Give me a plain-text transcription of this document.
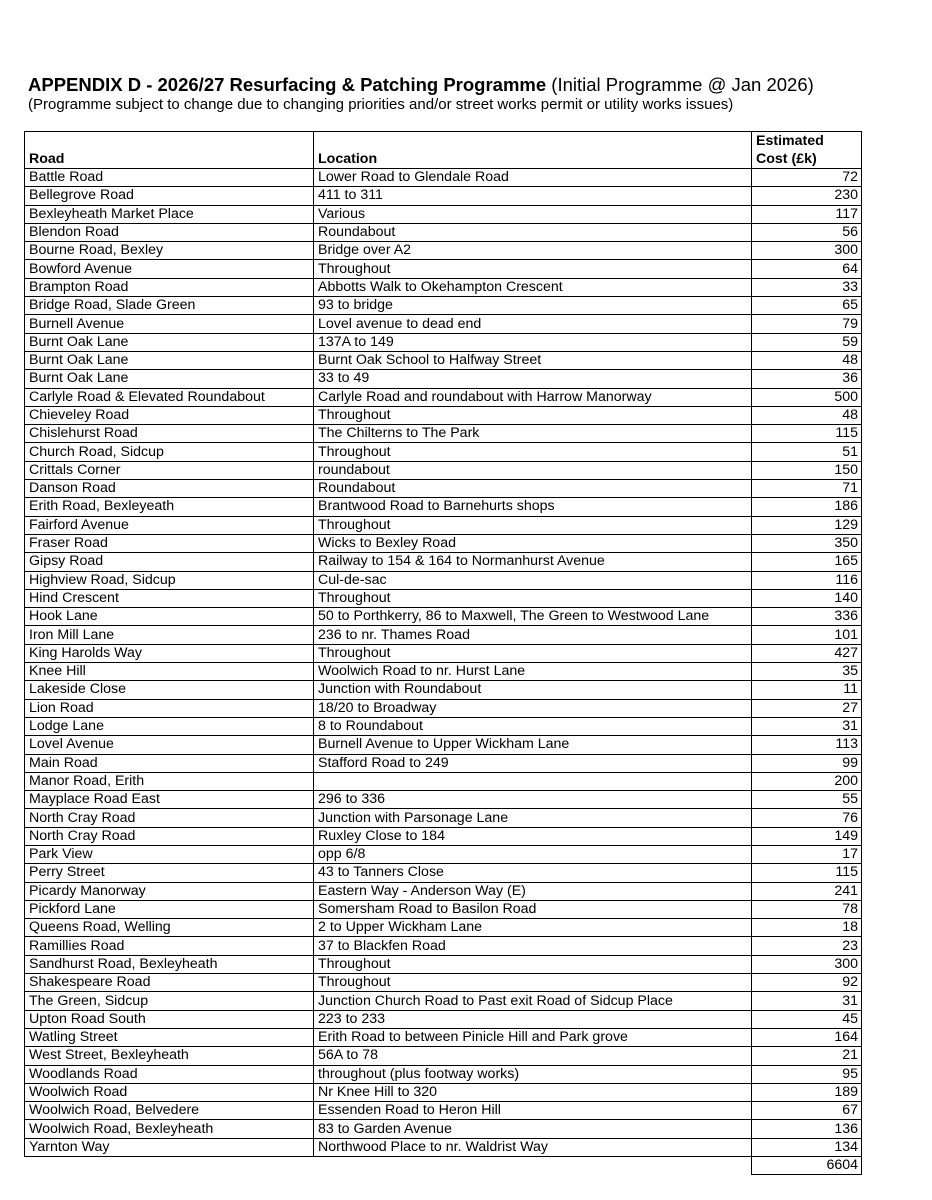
APPENDIX D - 2026/27 Resurfacing & Patching Programme (Initial Programme @ Jan 2026)
(Programme subject to change due to changing priorities and/or street works permit or utility works issues)
Road	Location	Estimated
Cost (£k)
Battle Road	Lower Road to Glendale Road	72
Bellegrove Road	411 to 311	230
Bexleyheath Market Place	Various	117
Blendon Road	Roundabout	56
Bourne Road, Bexley	Bridge over A2	300
Bowford Avenue	Throughout	64
Brampton Road	Abbotts Walk to Okehampton Crescent	33
Bridge Road, Slade Green	93 to bridge	65
Burnell Avenue	Lovel avenue to dead end	79
Burnt Oak Lane	137A to 149	59
Burnt Oak Lane	Burnt Oak School to Halfway Street	48
Burnt Oak Lane	33 to 49	36
Carlyle Road & Elevated Roundabout	Carlyle Road and roundabout with Harrow Manorway	500
Chieveley Road	Throughout	48
Chislehurst Road	The Chilterns to The Park	115
Church Road, Sidcup	Throughout	51
Crittals Corner	roundabout	150
Danson Road	Roundabout	71
Erith Road, Bexleyeath	Brantwood Road to Barnehurts shops	186
Fairford Avenue	Throughout	129
Fraser Road	Wicks to Bexley Road	350
Gipsy Road	Railway to 154 & 164 to Normanhurst Avenue	165
Highview Road, Sidcup	Cul-de-sac	116
Hind Crescent	Throughout	140
Hook Lane	50 to Porthkerry, 86 to Maxwell, The Green to Westwood Lane	336
Iron Mill Lane	236 to nr. Thames Road	101
King Harolds Way	Throughout	427
Knee Hill	Woolwich Road to nr. Hurst Lane	35
Lakeside Close	Junction with Roundabout	11
Lion Road	18/20 to Broadway	27
Lodge Lane	8 to Roundabout	31
Lovel Avenue	Burnell Avenue to Upper Wickham Lane	113
Main Road	Stafford Road to 249	99
Manor Road, Erith		200
Mayplace Road East	296 to 336	55
North Cray Road	Junction with Parsonage Lane	76
North Cray Road	Ruxley Close to 184	149
Park View	opp 6/8	17
Perry Street	43 to Tanners Close	115
Picardy Manorway	Eastern Way - Anderson Way (E)	241
Pickford Lane	Somersham Road to Basilon Road	78
Queens Road, Welling	2 to Upper Wickham Lane	18
Ramillies Road	37 to Blackfen Road	23
Sandhurst Road, Bexleyheath	Throughout	300
Shakespeare Road	Throughout	92
The Green, Sidcup	Junction Church Road to Past exit Road of Sidcup Place	31
Upton Road South	223 to 233	45
Watling Street	Erith Road to between Pinicle Hill and Park grove	164
West Street, Bexleyheath	56A to 78	21
Woodlands Road	throughout (plus footway works)	95
Woolwich Road	Nr Knee Hill to 320	189
Woolwich Road, Belvedere	Essenden Road to Heron Hill	67
Woolwich Road, Bexleyheath	83 to Garden Avenue	136
Yarnton Way	Northwood Place to nr. Waldrist Way	134
		6604
